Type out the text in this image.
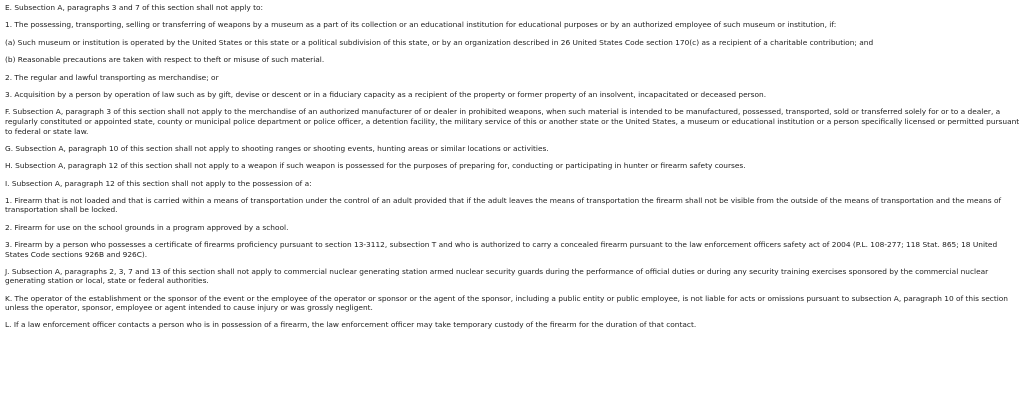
E. Subsection A, paragraphs 3 and 7 of this section shall not apply to:

1. The possessing, transporting, selling or transferring of weapons by a museum as a part of its collection or an educational institution for educational purposes or by an authorized employee of such museum or institution, if:

(a) Such museum or institution is operated by the United States or this state or a political subdivision of this state, or by an organization described in 26 United States Code section 170(c) as a recipient of a charitable contribution; and

(b) Reasonable precautions are taken with respect to theft or misuse of such material.

2. The regular and lawful transporting as merchandise; or

3. Acquisition by a person by operation of law such as by gift, devise or descent or in a fiduciary capacity as a recipient of the property or former property of an insolvent, incapacitated or deceased person.

F. Subsection A, paragraph 3 of this section shall not apply to the merchandise of an authorized manufacturer of or dealer in prohibited weapons, when such material is intended to be manufactured, possessed, transported, sold or transferred solely for or to a dealer, a regularly constituted or appointed state, county or municipal police department or police officer, a detention facility, the military service of this or another state or the United States, a museum or educational institution or a person specifically licensed or permitted pursuant to federal or state law.

G. Subsection A, paragraph 10 of this section shall not apply to shooting ranges or shooting events, hunting areas or similar locations or activities.

H. Subsection A, paragraph 12 of this section shall not apply to a weapon if such weapon is possessed for the purposes of preparing for, conducting or participating in hunter or firearm safety courses.

I. Subsection A, paragraph 12 of this section shall not apply to the possession of a:

1. Firearm that is not loaded and that is carried within a means of transportation under the control of an adult provided that if the adult leaves the means of transportation the firearm shall not be visible from the outside of the means of transportation and the means of transportation shall be locked.

2. Firearm for use on the school grounds in a program approved by a school.

3. Firearm by a person who possesses a certificate of firearms proficiency pursuant to section 13-3112, subsection T and who is authorized to carry a concealed firearm pursuant to the law enforcement officers safety act of 2004 (P.L. 108-277; 118 Stat. 865; 18 United States Code sections 926B and 926C).

J. Subsection A, paragraphs 2, 3, 7 and 13 of this section shall not apply to commercial nuclear generating station armed nuclear security guards during the performance of official duties or during any security training exercises sponsored by the commercial nuclear generating station or local, state or federal authorities.

K. The operator of the establishment or the sponsor of the event or the employee of the operator or sponsor or the agent of the sponsor, including a public entity or public employee, is not liable for acts or omissions pursuant to subsection A, paragraph 10 of this section unless the operator, sponsor, employee or agent intended to cause injury or was grossly negligent.

L. If a law enforcement officer contacts a person who is in possession of a firearm, the law enforcement officer may take temporary custody of the firearm for the duration of that contact.
